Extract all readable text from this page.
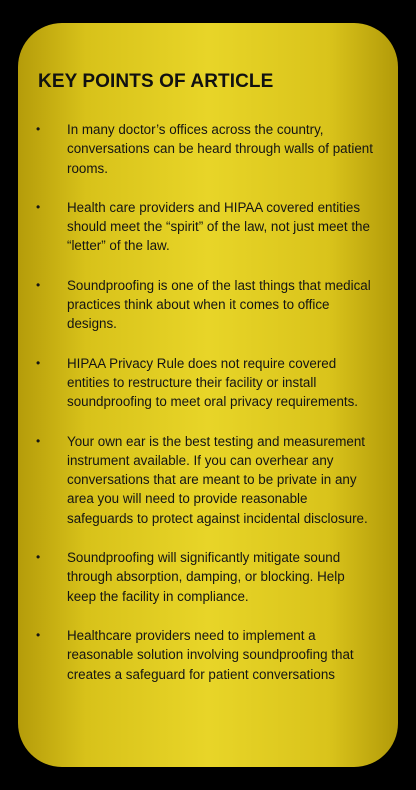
KEY POINTS OF ARTICLE
• In many doctor’s offices across the country, conversations can be heard through walls of patient rooms.
• Health care providers and HIPAA covered entities should meet the “spirit” of the law, not just meet the “letter” of the law.
• Soundproofing is one of the last things that medical practices think about when it comes to office designs.
• HIPAA Privacy Rule does not require covered entities to restructure their facility or install soundproofing to meet oral privacy requirements.
• Your own ear is the best testing and measurement instrument available. If you can overhear any conversations that are meant to be private in any area you will need to provide reasonable safeguards to protect against incidental disclosure.
• Soundproofing will significantly mitigate sound through absorption, damping, or blocking. Help keep the facility in compliance.
• Healthcare providers need to implement a reasonable solution involving soundproofing that creates a safeguard for patient conversations
